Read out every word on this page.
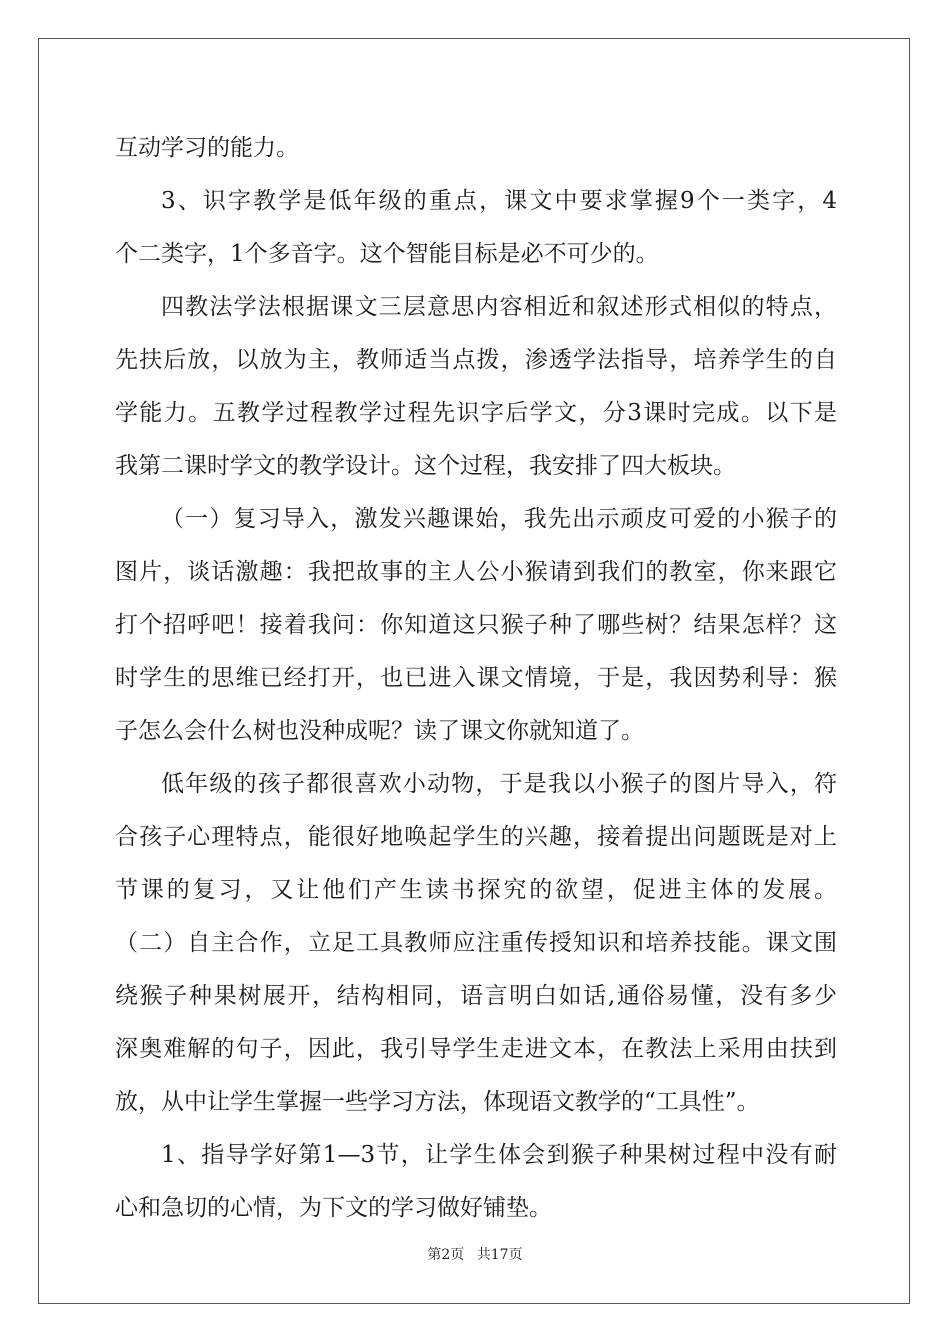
互动学习的能力。
3、识字教学是低年级的重点，课文中要求掌握9个一类字，4
个二类字，1个多音字。这个智能目标是必不可少的。
四教法学法根据课文三层意思内容相近和叙述形式相似的特点，
先扶后放，以放为主，教师适当点拨，渗透学法指导，培养学生的自
学能力。五教学过程教学过程先识字后学文，分3课时完成。以下是
我第二课时学文的教学设计。这个过程，我安排了四大板块。
（一）复习导入，激发兴趣课始，我先出示顽皮可爱的小猴子的
图片，谈话激趣：我把故事的主人公小猴请到我们的教室，你来跟它
打个招呼吧！接着我问：你知道这只猴子种了哪些树？结果怎样？这
时学生的思维已经打开，也已进入课文情境，于是，我因势利导：猴
子怎么会什么树也没种成呢？读了课文你就知道了。
低年级的孩子都很喜欢小动物，于是我以小猴子的图片导入，符
合孩子心理特点，能很好地唤起学生的兴趣，接着提出问题既是对上
节课的复习，又让他们产生读书探究的欲望，促进主体的发展。
（二）自主合作，立足工具教师应注重传授知识和培养技能。课文围
绕猴子种果树展开，结构相同，语言明白如话,通俗易懂，没有多少
深奥难解的句子，因此，我引导学生走进文本，在教法上采用由扶到
放，从中让学生掌握一些学习方法，体现语文教学的“工具性”。
1、指导学好第1—3节，让学生体会到猴子种果树过程中没有耐
心和急切的心情，为下文的学习做好铺垫。
第2页 共17页
